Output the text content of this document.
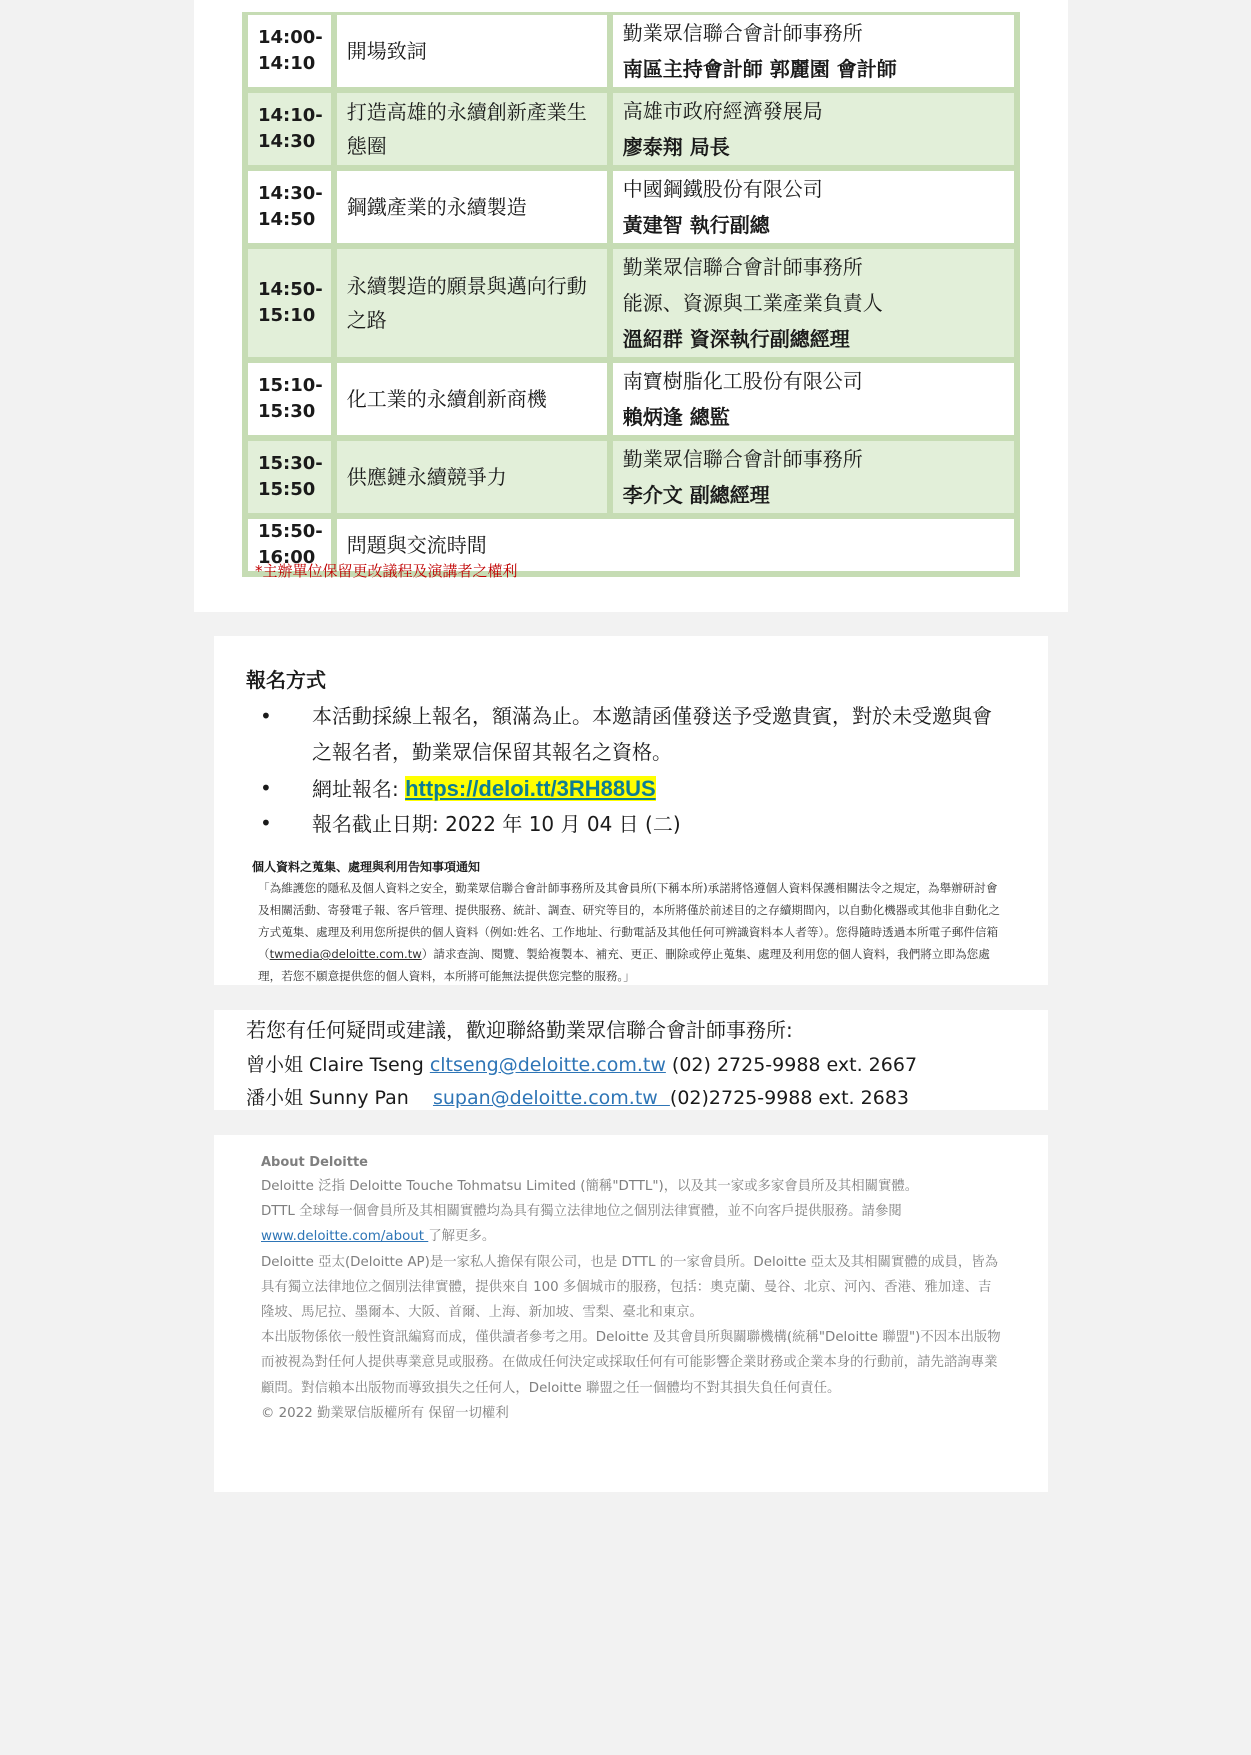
14:00-
14:10	開場致詞	勤業眾信聯合會計師事務所
南區主持會計師 郭麗園 會計師

14:10-
14:30	打造高雄的永續創新產業生態圈	高雄市政府經濟發展局
廖泰翔 局長

14:30-
14:50	鋼鐵產業的永續製造	中國鋼鐵股份有限公司
黃建智 執行副總

14:50-
15:10	永續製造的願景與邁向行動之路	勤業眾信聯合會計師事務所
能源、資源與工業產業負責人
溫紹群 資深執行副總經理

15:10-
15:30	化工業的永續創新商機	南寶樹脂化工股份有限公司
賴炳逢 總監

15:30-
15:50	供應鏈永續競爭力	勤業眾信聯合會計師事務所
李介文 副總經理

15:50-
16:00	問題與交流時間	
*主辦單位保留更改議程及演講者之權利
報名方式
• 本活動採線上報名，額滿為止。本邀請函僅發送予受邀貴賓，對於未受邀與會之報名者，勤業眾信保留其報名之資格。
• 網址報名: https://deloi.tt/3RH88US
• 報名截止日期: 2022 年 10 月 04 日 (二)
個人資料之蒐集、處理與利用告知事項通知
「為維護您的隱私及個人資料之安全，勤業眾信聯合會計師事務所及其會員所(下稱本所)承諾將恪遵個人資料保護相關法令之規定，為舉辦研討會及相關活動、寄發電子報、客戶管理、提供服務、統計、調查、研究等目的，本所將僅於前述目的之存續期間內，以自動化機器或其他非自動化之方式蒐集、處理及利用您所提供的個人資料（例如:姓名、工作地址、行動電話及其他任何可辨識資料本人者等）。您得隨時透過本所電子郵件信箱（twmedia@deloitte.com.tw）請求查詢、閱覽、製給複製本、補充、更正、刪除或停止蒐集、處理及利用您的個人資料，我們將立即為您處理，若您不願意提供您的個人資料，本所將可能無法提供您完整的服務。」
若您有任何疑問或建議，歡迎聯絡勤業眾信聯合會計師事務所:
曾小姐 Claire Tseng cltseng@deloitte.com.tw (02) 2725-9988 ext. 2667
潘小姐 Sunny Pan    supan@deloitte.com.tw  (02)2725-9988 ext. 2683
About Deloitte
Deloitte 泛指 Deloitte Touche Tohmatsu Limited (簡稱"DTTL")，以及其一家或多家會員所及其相關實體。
DTTL 全球每一個會員所及其相關實體均為具有獨立法律地位之個別法律實體，並不向客戶提供服務。請參閱www.deloitte.com/about 了解更多。
Deloitte 亞太(Deloitte AP)是一家私人擔保有限公司，也是 DTTL 的一家會員所。Deloitte 亞太及其相關實體的成員，皆為具有獨立法律地位之個別法律實體，提供來自 100 多個城市的服務，包括：奧克蘭、曼谷、北京、河內、香港、雅加達、吉隆坡、馬尼拉、墨爾本、大阪、首爾、上海、新加坡、雪梨、臺北和東京。
本出版物係依一般性資訊編寫而成，僅供讀者參考之用。Deloitte 及其會員所與關聯機構(統稱"Deloitte 聯盟")不因本出版物而被視為對任何人提供專業意見或服務。在做成任何決定或採取任何有可能影響企業財務或企業本身的行動前，請先諮詢專業顧問。對信賴本出版物而導致損失之任何人，Deloitte 聯盟之任一個體均不對其損失負任何責任。
© 2022 勤業眾信版權所有 保留一切權利
